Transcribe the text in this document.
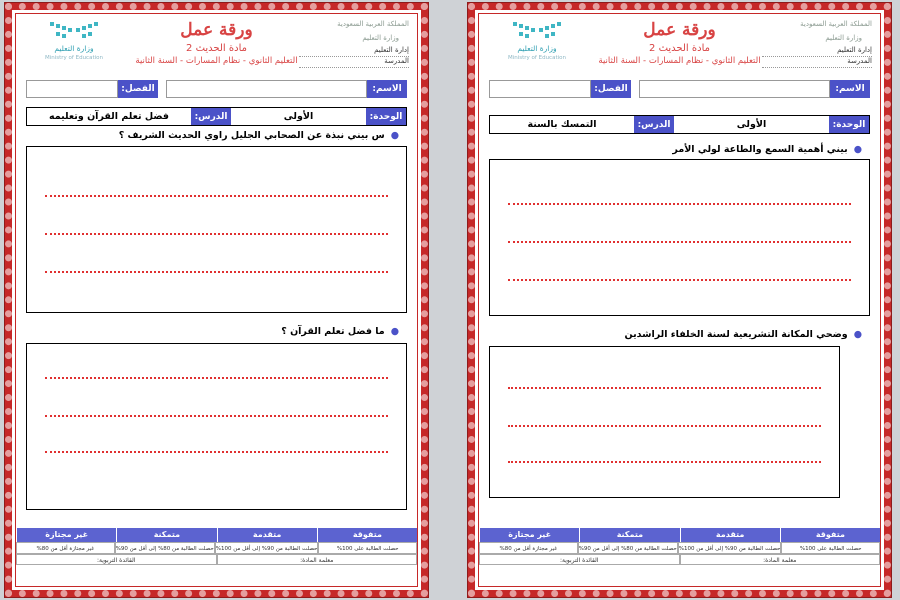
وزارة التعليم
Ministry of Education
ورقة عمل
مادة الحديث 2
التعليم الثانوي - نظام المسارات - السنة الثانية
المملكة العربية السعودية
وزارة التعليم
إدارة التعليم
المدرسة
الاسم:
الفصل:
الوحدة:
الأولى
الدرس:
فضل تعلم القرآن وتعليمه
●س بيني نبذة عن الصحابي الجليل راوي الحديث الشريف ؟
●ما فضل تعلم القرآن ؟
متفوقة
متقدمة
متمكنة
غير مجتازة
حصلت الطالبة على 100%
حصلت الطالبة من 90% إلى أقل من 100%
حصلت الطالبة من 80% إلى أقل من 90%
غير مجتازة أقل من 80%
معلمة المادة:
القائدة التربوية:
وزارة التعليم
Ministry of Education
ورقة عمل
مادة الحديث 2
التعليم الثانوي - نظام المسارات - السنة الثانية
المملكة العربية السعودية
وزارة التعليم
إدارة التعليم
المدرسة
الاسم:
الفصل:
الوحدة:
الأولى
الدرس:
التمسك بالسنة
●بيني أهمية السمع والطاعة لولي الأمر
●وضحي المكانة التشريعية لسنة الخلفاء الراشدين
متفوقة
متقدمة
متمكنة
غير مجتازة
حصلت الطالبة على 100%
حصلت الطالبة من 90% إلى أقل من 100%
حصلت الطالبة من 80% إلى أقل من 90%
غير مجتازة أقل من 80%
معلمة المادة:
القائدة التربوية:
